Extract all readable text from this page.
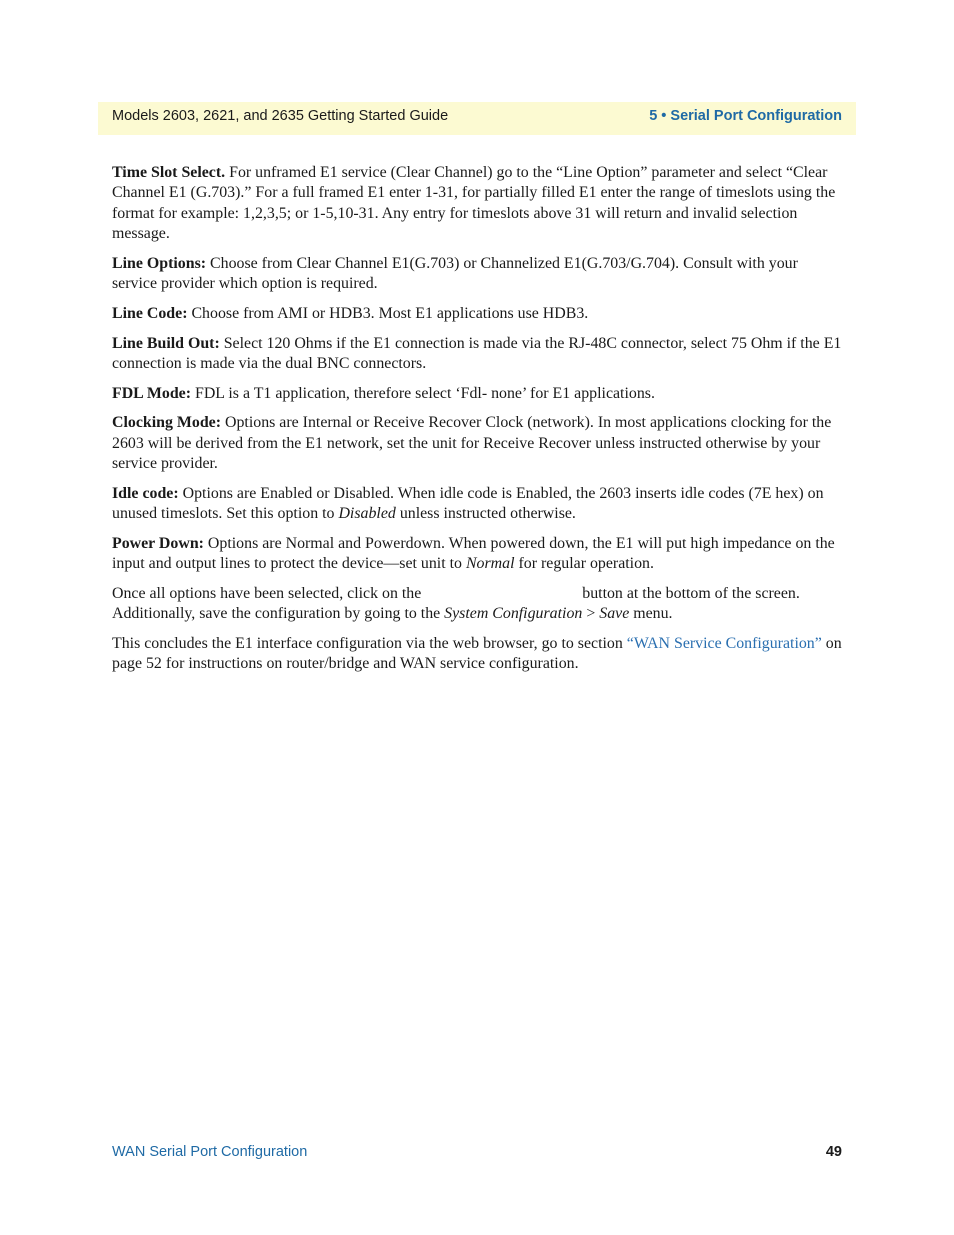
Models 2603, 2621, and 2635 Getting Started Guide	5 • Serial Port Configuration

Time Slot Select. For unframed E1 service (Clear Channel) go to the “Line Option” parameter and select “Clear Channel E1 (G.703).” For a full framed E1 enter 1-31, for partially filled E1 enter the range of timeslots using the format for example: 1,2,3,5; or 1-5,10-31. Any entry for timeslots above 31 will return and invalid selection message.

Line Options: Choose from Clear Channel E1(G.703) or Channelized E1(G.703/G.704). Consult with your service provider which option is required.

Line Code: Choose from AMI or HDB3. Most E1 applications use HDB3.

Line Build Out: Select 120 Ohms if the E1 connection is made via the RJ-48C connector, select 75 Ohm if the E1 connection is made via the dual BNC connectors.

FDL Mode: FDL is a T1 application, therefore select ‘Fdl- none’ for E1 applications.

Clocking Mode: Options are Internal or Receive Recover Clock (network). In most applications clocking for the 2603 will be derived from the E1 network, set the unit for Receive Recover unless instructed otherwise by your service provider.

Idle code: Options are Enabled or Disabled. When idle code is Enabled, the 2603 inserts idle codes (7E hex) on unused timeslots. Set this option to Disabled unless instructed otherwise.

Power Down: Options are Normal and Powerdown. When powered down, the E1 will put high impedance on the input and output lines to protect the device—set unit to Normal for regular operation.

Once all options have been selected, click on the	button at the bottom of the screen. Additionally, save the configuration by going to the System Configuration > Save menu.

This concludes the E1 interface configuration via the web browser, go to section “WAN Service Configuration” on page 52 for instructions on router/bridge and WAN service configuration.

WAN Serial Port Configuration	49
